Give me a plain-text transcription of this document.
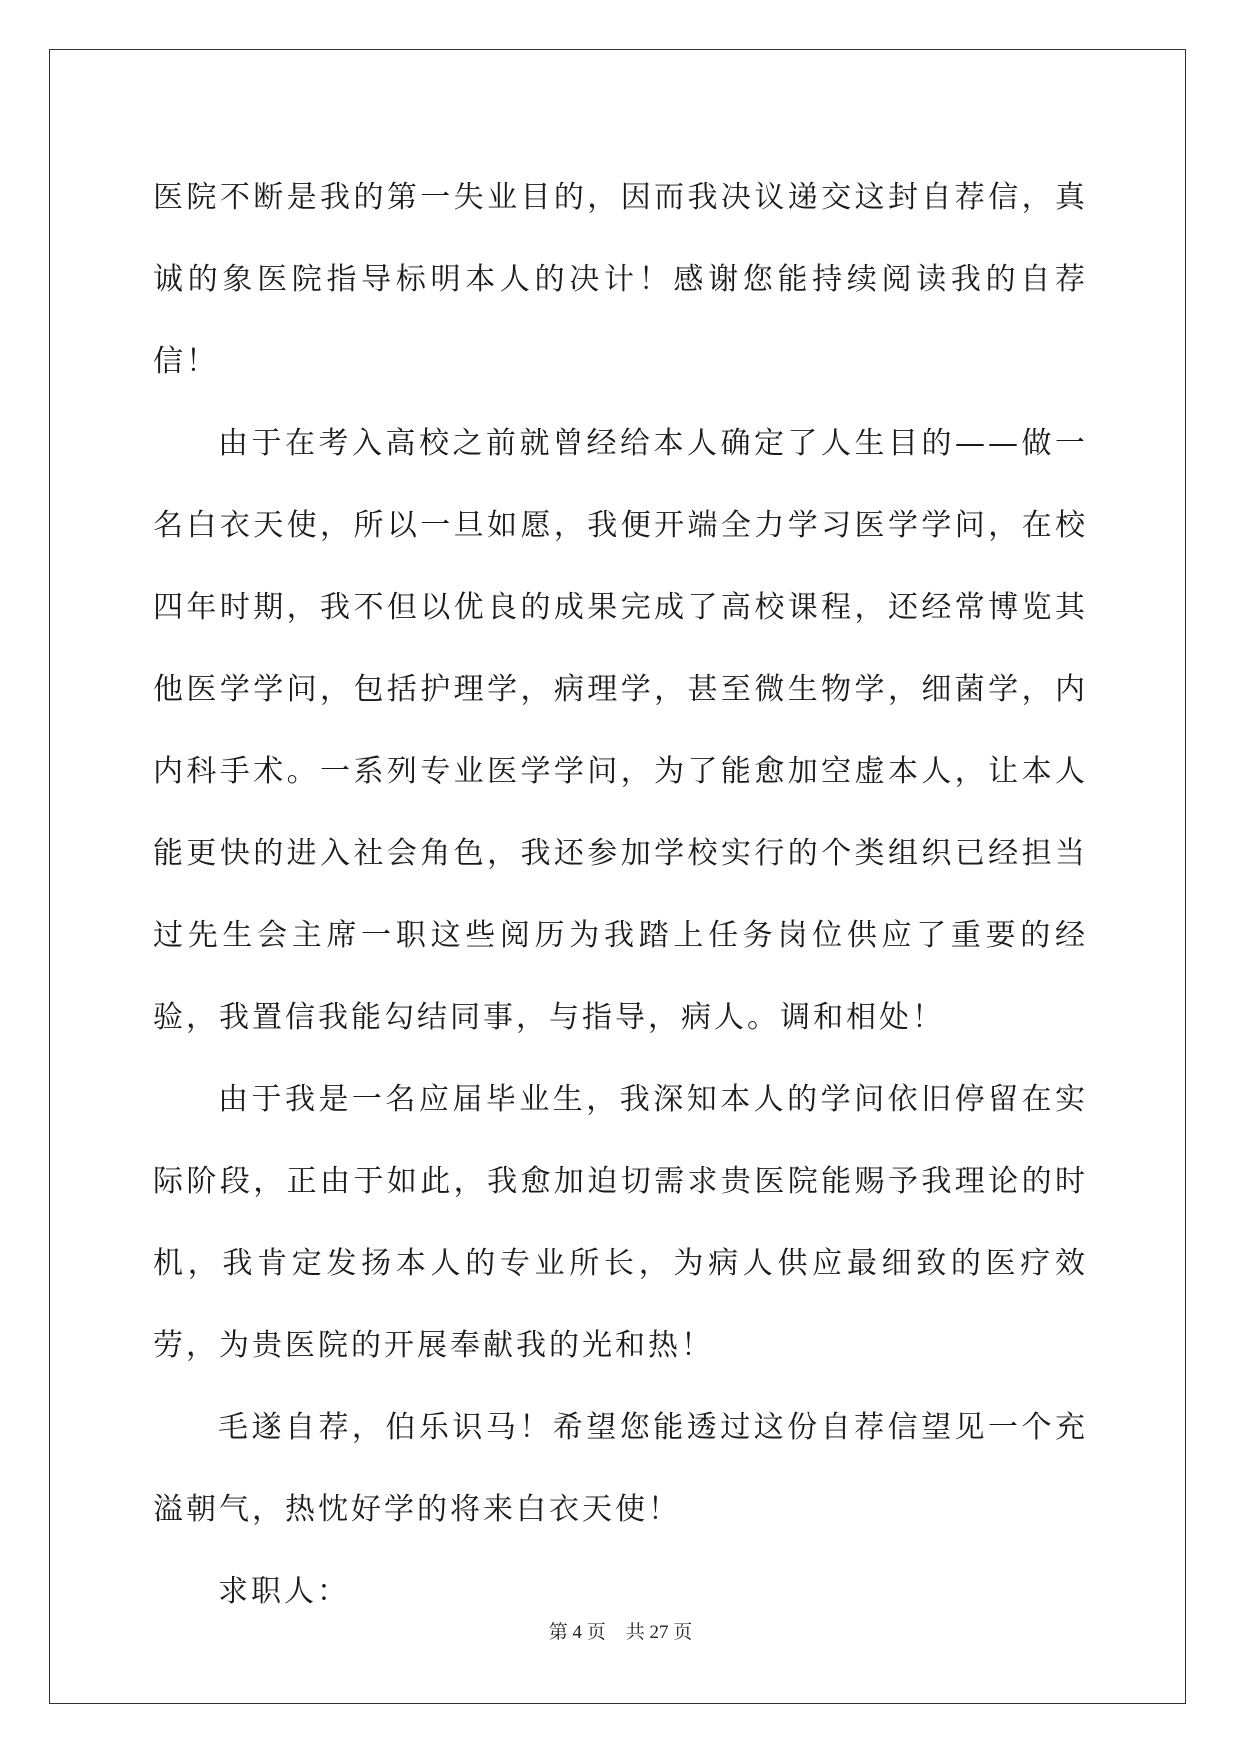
医院不断是我的第一失业目的，因而我决议递交这封自荐信，真诚的象医院指导标明本人的决计！感谢您能持续阅读我的自荐信！

由于在考入高校之前就曾经给本人确定了人生目的——做一名白衣天使，所以一旦如愿，我便开端全力学习医学学问，在校四年时期，我不但以优良的成果完成了高校课程，还经常博览其他医学学问，包括护理学，病理学，甚至微生物学，细菌学，内内科手术。一系列专业医学学问，为了能愈加空虚本人，让本人能更快的进入社会角色，我还参加学校实行的个类组织已经担当过先生会主席一职这些阅历为我踏上任务岗位供应了重要的经验，我置信我能勾结同事，与指导，病人。调和相处！

由于我是一名应届毕业生，我深知本人的学问依旧停留在实际阶段，正由于如此，我愈加迫切需求贵医院能赐予我理论的时机，我肯定发扬本人的专业所长，为病人供应最细致的医疗效劳，为贵医院的开展奉献我的光和热！

毛遂自荐，伯乐识马！希望您能透过这份自荐信望见一个充溢朝气，热忱好学的将来白衣天使！

求职人：

第 4 页 共 27 页
